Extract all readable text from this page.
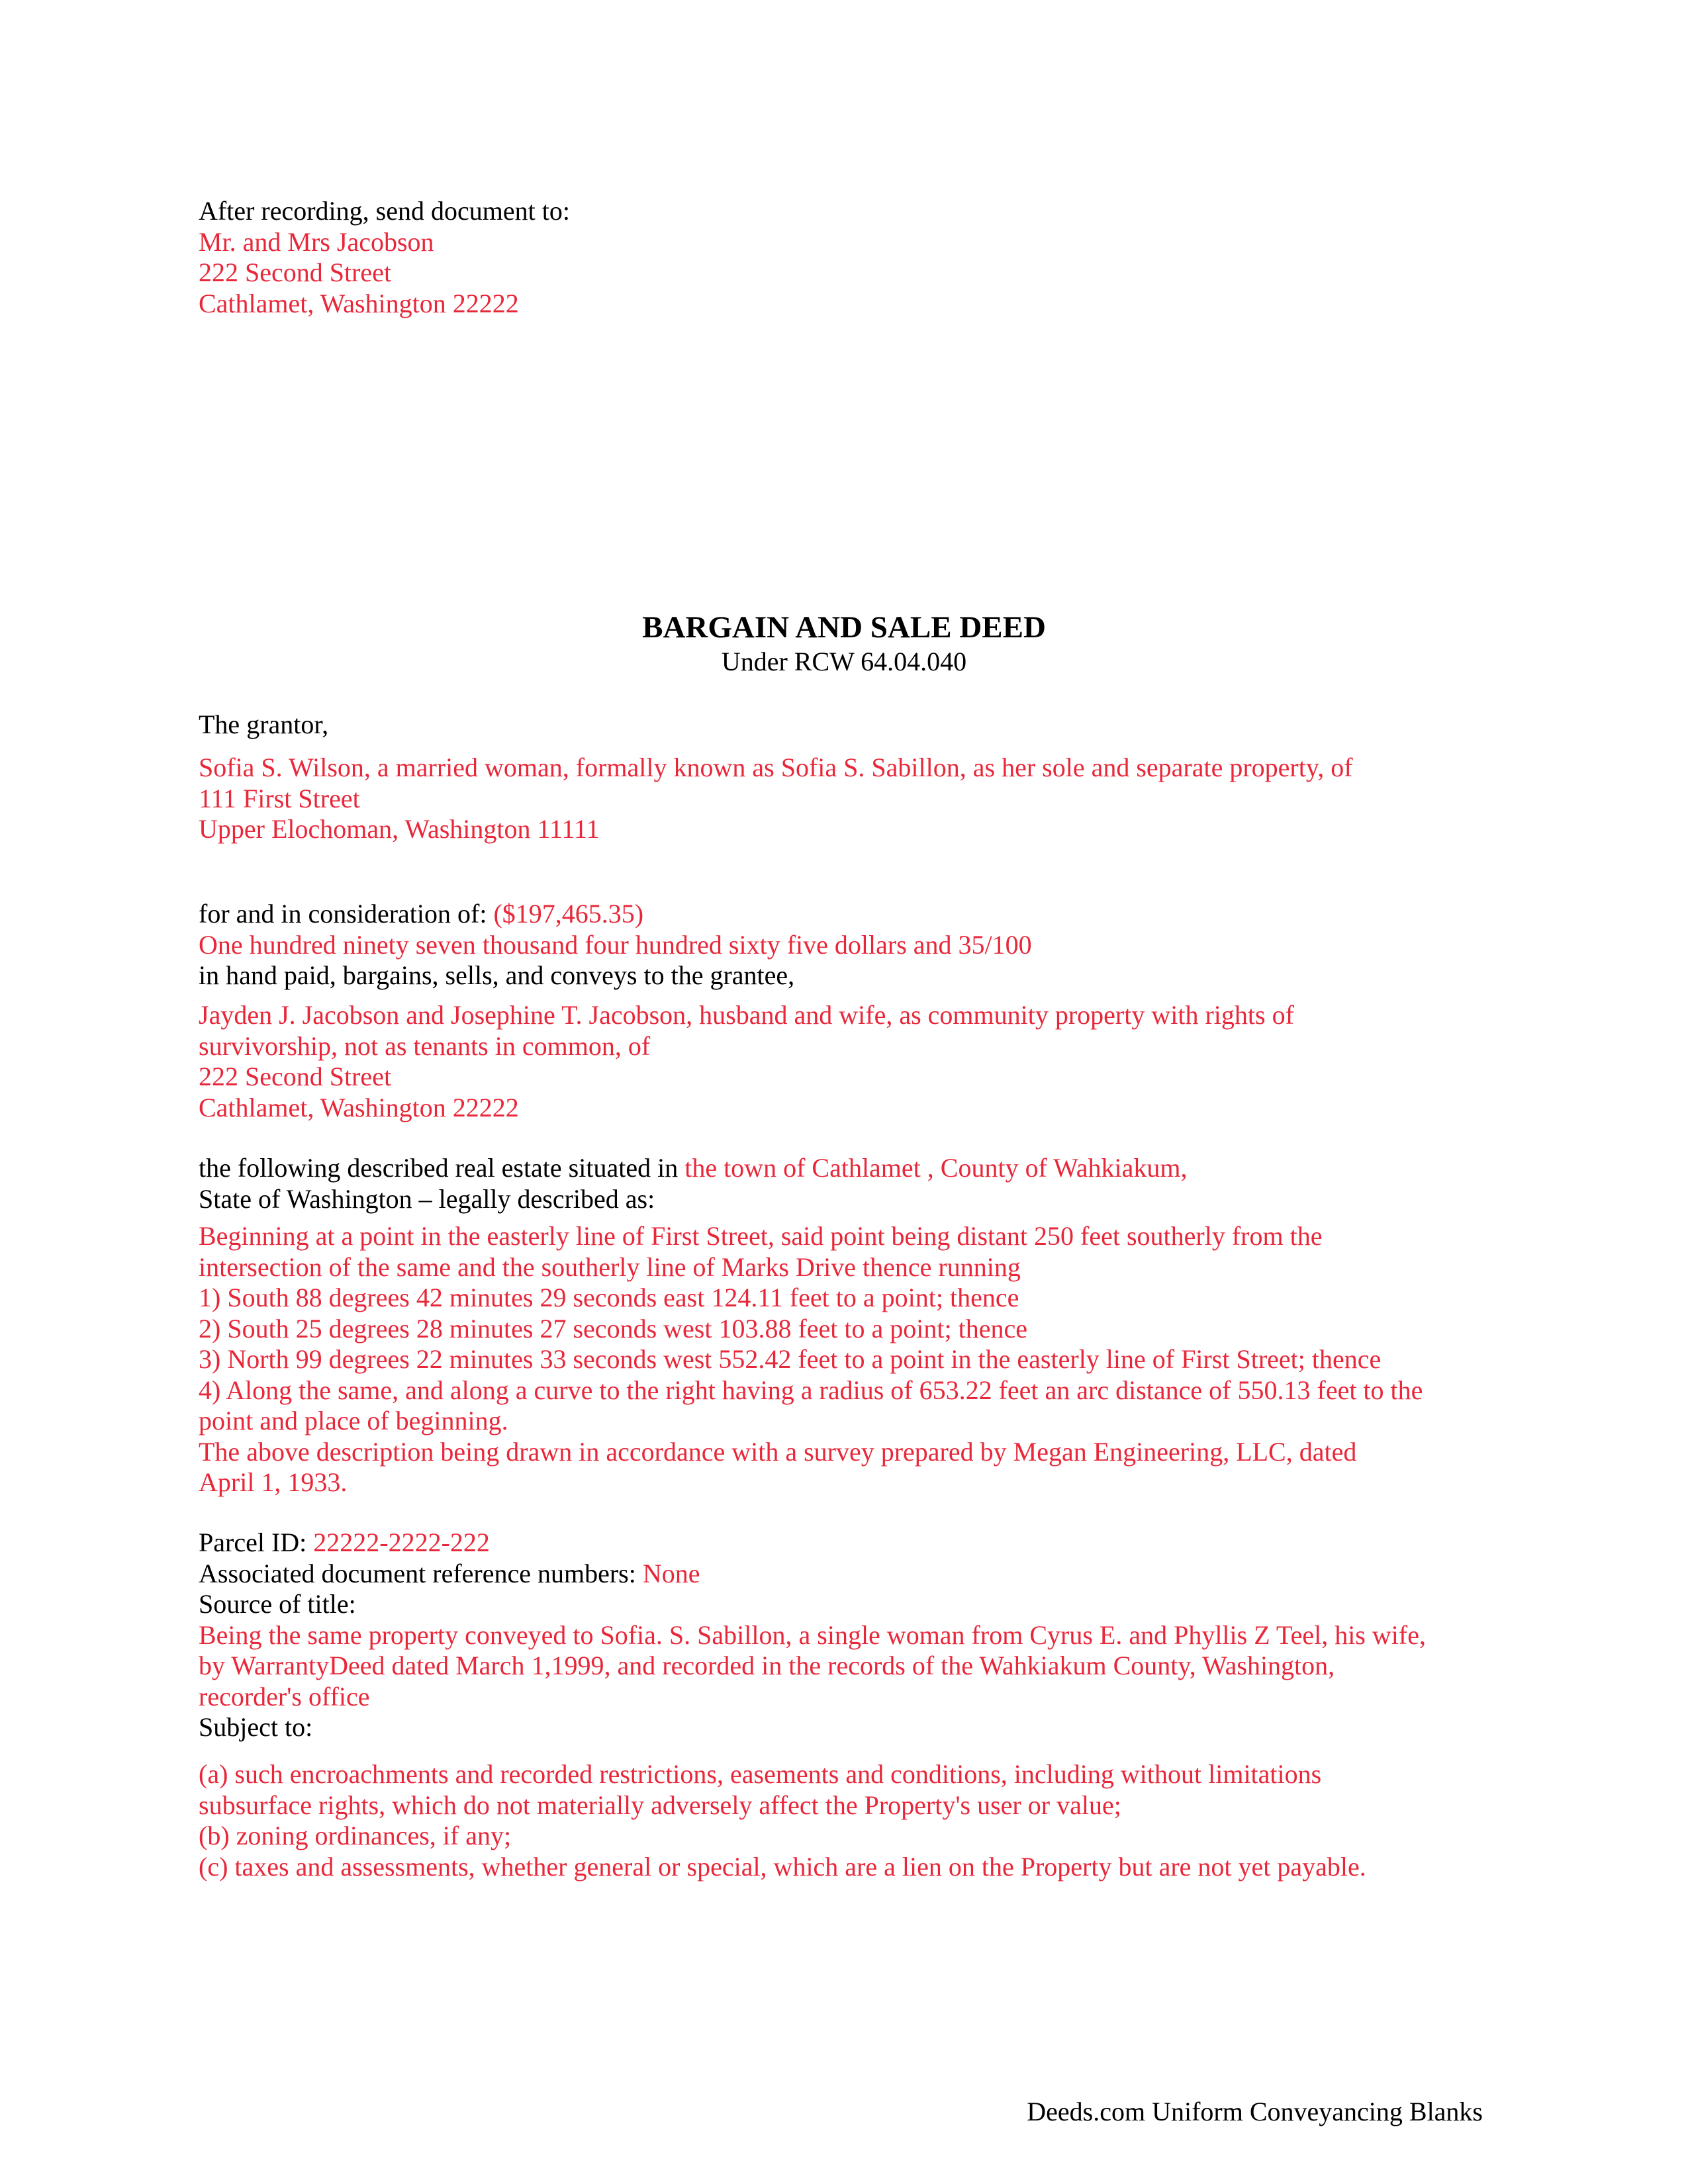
After recording, send document to:
Mr. and Mrs Jacobson
222 Second Street
Cathlamet, Washington 22222
BARGAIN AND SALE DEED
Under RCW 64.04.040
The grantor,
Sofia S. Wilson, a married woman, formally known as Sofia S. Sabillon, as her sole and separate property, of
111 First Street
Upper Elochoman, Washington 11111
for and in consideration of: ($197,465.35)
One hundred ninety seven thousand four hundred sixty five dollars and 35/100
in hand paid, bargains, sells, and conveys to the grantee,
Jayden J. Jacobson and Josephine T. Jacobson, husband and wife, as community property with rights of
survivorship, not as tenants in common, of
222 Second Street
Cathlamet, Washington 22222
the following described real estate situated in the town of Cathlamet , County of Wahkiakum,
State of Washington – legally described as:
Beginning at a point in the easterly line of First Street, said point being distant 250 feet southerly from the
intersection of the same and the southerly line of Marks Drive thence running
1) South 88 degrees 42 minutes 29 seconds east 124.11 feet to a point; thence
2) South 25 degrees 28 minutes 27 seconds west 103.88 feet to a point; thence
3) North 99 degrees 22 minutes 33 seconds west 552.42 feet to a point in the easterly line of First Street; thence
4) Along the same, and along a curve to the right having a radius of 653.22 feet an arc distance of 550.13 feet to the
point and place of beginning.
The above description being drawn in accordance with a survey prepared by Megan Engineering, LLC, dated
April 1, 1933.
Parcel ID: 22222-2222-222
Associated document reference numbers: None
Source of title:
Being the same property conveyed to Sofia. S. Sabillon, a single woman from Cyrus E. and Phyllis Z Teel, his wife,
by WarrantyDeed dated March 1,1999, and recorded in the records of the Wahkiakum County, Washington,
recorder's office
Subject to:
(a) such encroachments and recorded restrictions, easements and conditions, including without limitations
subsurface rights, which do not materially adversely affect the Property's user or value;
(b) zoning ordinances, if any;
(c) taxes and assessments, whether general or special, which are a lien on the Property but are not yet payable.
Deeds.com Uniform Conveyancing Blanks
